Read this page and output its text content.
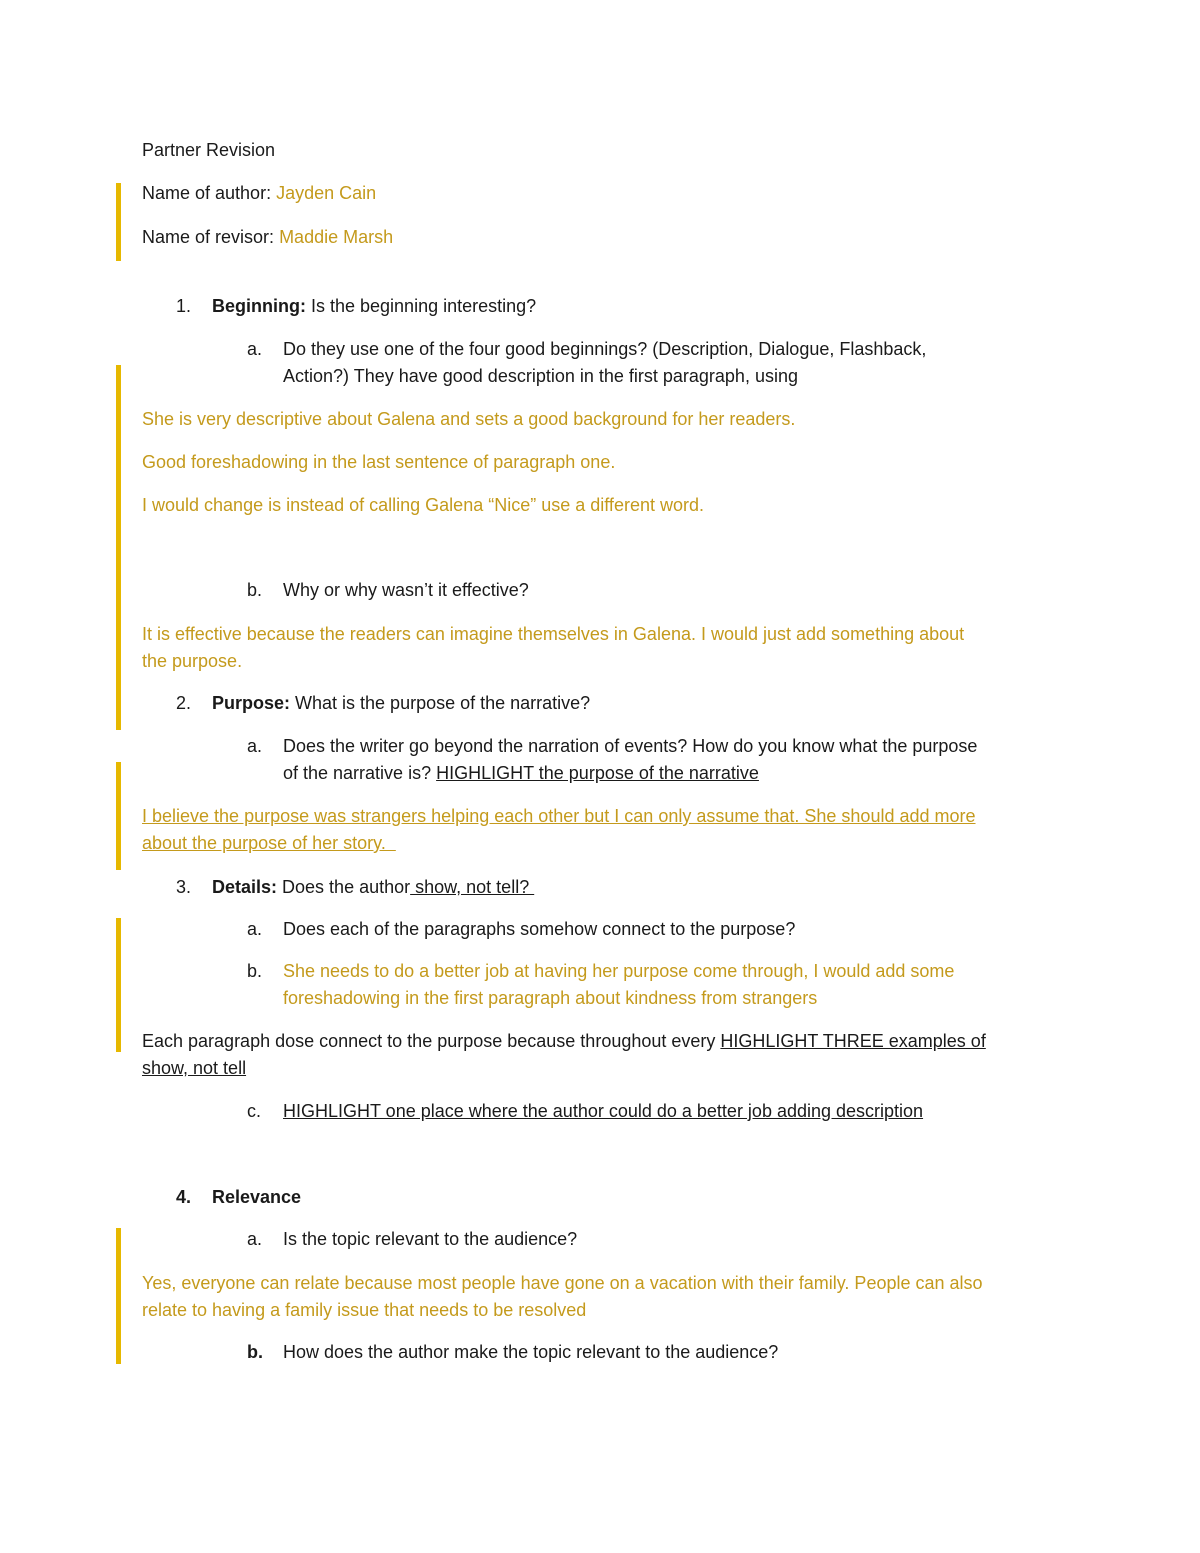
Partner Revision
Name of author: Jayden Cain
Name of revisor: Maddie Marsh
1. Beginning: Is the beginning interesting?
a. Do they use one of the four good beginnings? (Description, Dialogue, Flashback,
Action?) They have good description in the first paragraph, using
She is very descriptive about Galena and sets a good background for her readers.
Good foreshadowing in the last sentence of paragraph one.
I would change is instead of calling Galena “Nice” use a different word.
b. Why or why wasn’t it effective?
It is effective because the readers can imagine themselves in Galena. I would just add something about
the purpose.
2. Purpose: What is the purpose of the narrative?
a. Does the writer go beyond the narration of events? How do you know what the purpose
of the narrative is? HIGHLIGHT the purpose of the narrative
I believe the purpose was strangers helping each other but I can only assume that. She should add more
about the purpose of her story.
3. Details: Does the author show, not tell?
a. Does each of the paragraphs somehow connect to the purpose?
b. She needs to do a better job at having her purpose come through, I would add some
foreshadowing in the first paragraph about kindness from strangers
Each paragraph dose connect to the purpose because throughout every HIGHLIGHT THREE examples of
show, not tell
c. HIGHLIGHT one place where the author could do a better job adding description
4. Relevance
a. Is the topic relevant to the audience?
Yes, everyone can relate because most people have gone on a vacation with their family. People can also
relate to having a family issue that needs to be resolved
b. How does the author make the topic relevant to the audience?
